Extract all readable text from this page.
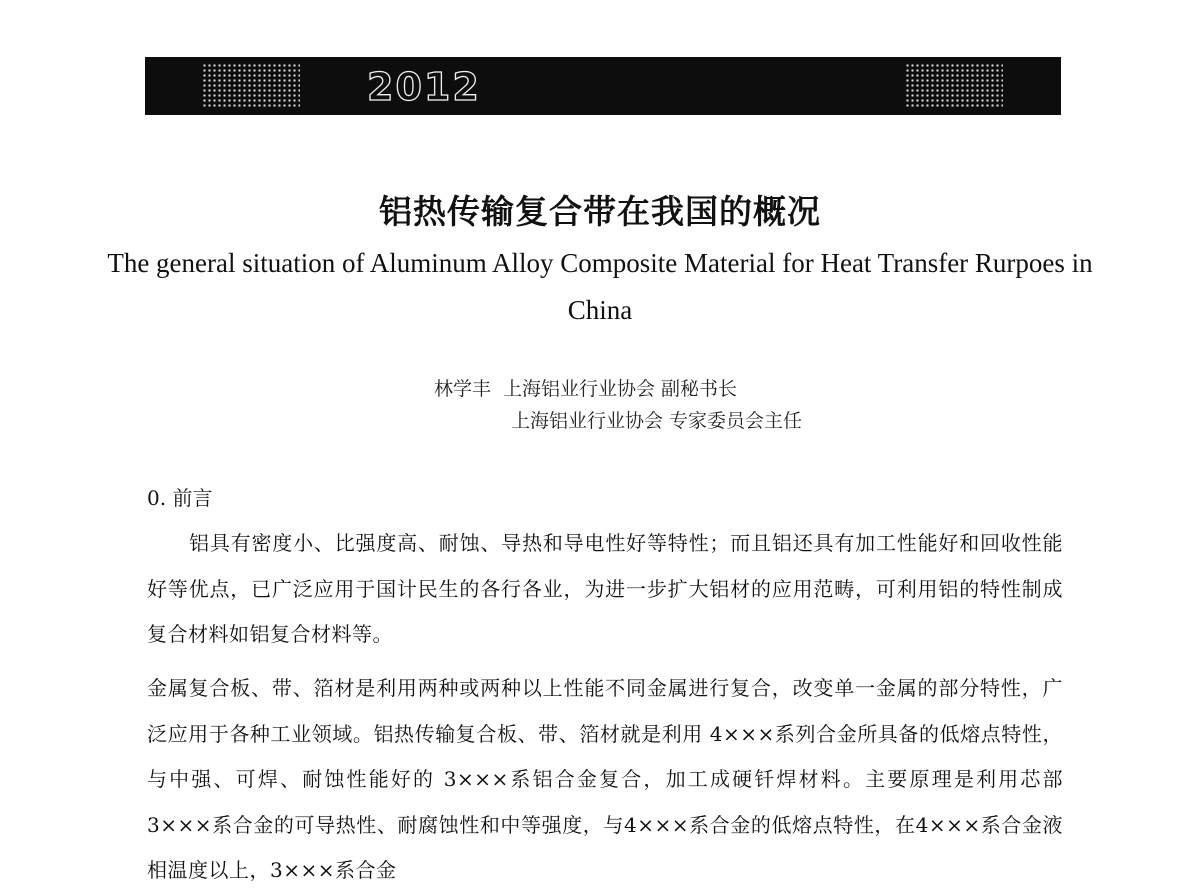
2012
铝热传输复合带在我国的概况
The general situation of Aluminum Alloy Composite Material for Heat Transfer Rurpoes in China
林学丰 上海铝业行业协会 副秘书长
上海铝业行业协会 专家委员会主任
0. 前言
铝具有密度小、比强度高、耐蚀、导热和导电性好等特性；而且铝还具有加工性能好和回收性能好等优点，已广泛应用于国计民生的各行各业，为进一步扩大铝材的应用范畴，可利用铝的特性制成复合材料如铝复合材料等。
金属复合板、带、箔材是利用两种或两种以上性能不同金属进行复合，改变单一金属的部分特性，广泛应用于各种工业领域。铝热传输复合板、带、箔材就是利用 4×××系列合金所具备的低熔点特性，与中强、可焊、耐蚀性能好的 3×××系铝合金复合，加工成硬钎焊材料。主要原理是利用芯部 3×××系合金的可导热性、耐腐蚀性和中等强度，与4×××系合金的低熔点特性，在4×××系合金液相温度以上，3×××系合金
